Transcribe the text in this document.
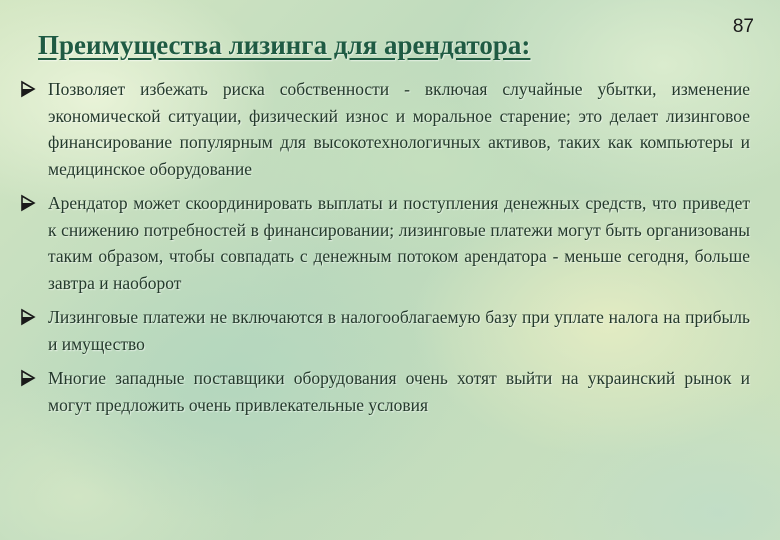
Преимущества лизинга для арендатора:
87
Позволяет избежать риска собственности - включая случайные убытки, изменение экономической ситуации, физический износ и моральное старение; это делает лизинговое финансирование популярным для высокотехнологичных активов, таких как компьютеры и медицинское оборудование
Арендатор может скоординировать выплаты и поступления денежных средств, что приведет к снижению потребностей в финансировании; лизинговые платежи могут быть организованы таким образом, чтобы совпадать с денежным потоком арендатора - меньше сегодня, больше завтра и наоборот
Лизинговые платежи не включаются в налогооблагаемую базу при уплате налога на прибыль и имущество
Многие западные поставщики оборудования очень хотят выйти на украинский рынок и могут предложить очень привлекательные условия
